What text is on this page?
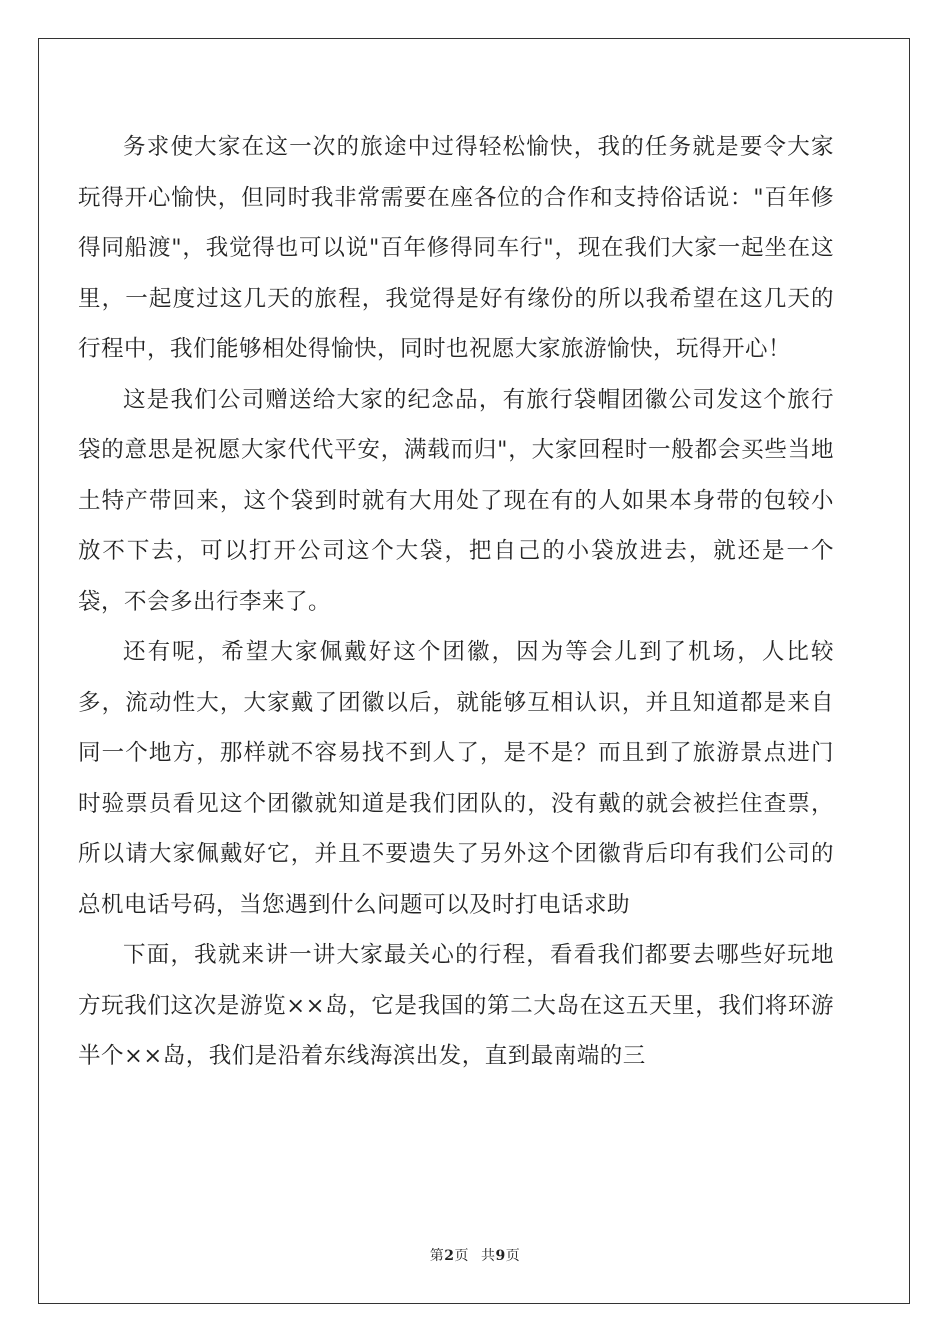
务求使大家在这一次的旅途中过得轻松愉快，我的任务就是要令大家玩得开心愉快，但同时我非常需要在座各位的合作和支持俗话说："百年修得同船渡"，我觉得也可以说"百年修得同车行"，现在我们大家一起坐在这里，一起度过这几天的旅程，我觉得是好有缘份的所以我希望在这几天的行程中，我们能够相处得愉快，同时也祝愿大家旅游愉快，玩得开心！

这是我们公司赠送给大家的纪念品，有旅行袋帽团徽公司发这个旅行袋的意思是祝愿大家代代平安，满载而归"，大家回程时一般都会买些当地土特产带回来，这个袋到时就有大用处了现在有的人如果本身带的包较小放不下去，可以打开公司这个大袋，把自己的小袋放进去，就还是一个袋，不会多出行李来了。

还有呢，希望大家佩戴好这个团徽，因为等会儿到了机场，人比较多，流动性大，大家戴了团徽以后，就能够互相认识，并且知道都是来自同一个地方，那样就不容易找不到人了，是不是？而且到了旅游景点进门时验票员看见这个团徽就知道是我们团队的，没有戴的就会被拦住查票，所以请大家佩戴好它，并且不要遗失了另外这个团徽背后印有我们公司的总机电话号码，当您遇到什么问题可以及时打电话求助

下面，我就来讲一讲大家最关心的行程，看看我们都要去哪些好玩地方玩我们这次是游览××岛，它是我国的第二大岛在这五天里，我们将环游半个××岛，我们是沿着东线海滨出发，直到最南端的三

第2页 共9页
